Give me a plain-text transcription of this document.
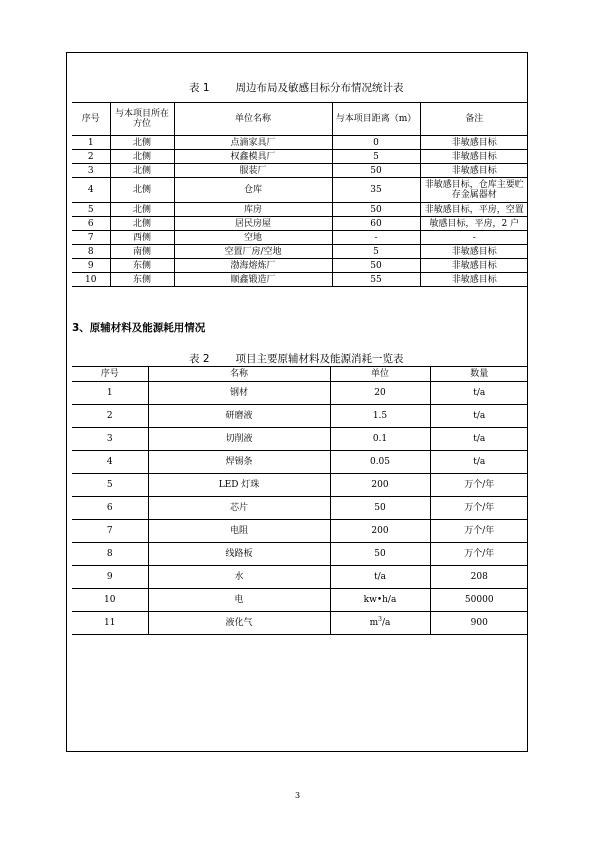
表 1 周边布局及敏感目标分布情况统计表
序号	与本项目所在方位	单位名称	与本项目距离（m）	备注
1	北侧	点滴家具厂	0	非敏感目标
2	北侧	权鑫模具厂	5	非敏感目标
3	北侧	服装厂	50	非敏感目标
4	北侧	仓库	35	非敏感目标，仓库主要贮存金属器材
5	北侧	库房	50	非敏感目标，平房，空置
6	北侧	居民房屋	60	敏感目标，平房，2 户
7	西侧	空地	-	-
8	南侧	空置厂房/空地	5	非敏感目标
9	东侧	渤海熔炼厂	50	非敏感目标
10	东侧	顺鑫锻造厂	55	非敏感目标
3、原辅材料及能源耗用情况
表 2 项目主要原辅材料及能源消耗一览表
序号	名称	单位	数量
1	钢材	20	t/a
2	研磨液	1.5	t/a
3	切削液	0.1	t/a
4	焊锡条	0.05	t/a
5	LED 灯珠	200	万个/年
6	芯片	50	万个/年
7	电阻	200	万个/年
8	线路板	50	万个/年
9	水	t/a	208
10	电	kw•h/a	50000
11	液化气	$m^3/a$	900
3
